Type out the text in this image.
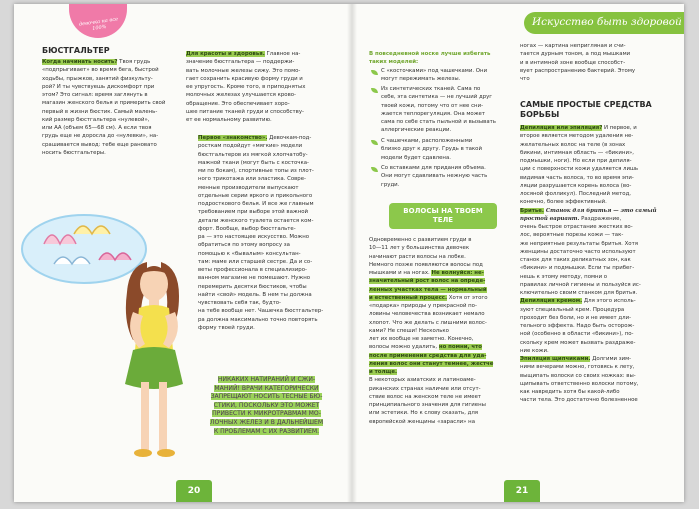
девочка на все 100%
БЮСТГАЛЬТЕР
Когда начинать носить? Твоя грудь
«подпрыгивает» во время бега, быстрой
ходьбы, прыжков, занятий физкульту-
рой? И ты чувствуешь дискомфорт при
этом? Это сигнал: время заглянуть в
магазин женского белья и примерить свой
первый в жизни бюстик. Самый малень-
кий размер бюстгальтера «нулевой»,
или АА (объем 65—68 см). А если твоя
грудь еще не доросла до «нулевки», на-
срашивается вывод: тебе еще рановато
носить бюстгальтеры.
Для красоты и здоровья. Главное на-
значение бюстгальтера — поддержи-
вать молочные железы сижу. Это помо-
гает сохранить красивую форму груди и
ее упругость. Кроме того, в приподнятых
молочных железах улучшается крово-
обращение. Это обеспечивает хоро-
шее питание тканей груди и способству-
ет ее нормальному развитию.
Первое «знакомство». Девочкам-под-
росткам подойдут «мягкие» модели
бюстгальтеров из мягкой хлопчатобу-
мажной ткани (могут быть с косточка-
ми по бокам), спортивные топы из плот-
ного трикотажа или эластика. Совре-
менные производители выпускают
отдельные серии яркого и прикольного
подросткового белья. И все же главным
требованием при выборе этой важной
детали женского туалета остается ком-
форт. Вообще, выбор бюстгальте-
ра — это настоящее искусство. Можно
обратиться по этому вопросу за
помощью к «бывалым» консультан-
там: маме или старшей сестре. Да и со-
веты профессионала в специализиро-
ванном магазине не помешают. Нужно
перемерить десятки бюстиков, чтобы
найти «свой» модель. В нем ты должна
чувствовать себя так, будто-
на тебе вообще нет. Чашечка бюстгальтер-
ра должна максимально точно повторять
форму твоей груди.
НИКАКИХ НАТИРАНИЙ И СЖИ-
МАНИЙ! ВРАЧИ КАТЕГОРИЧЕСКИ
ЗАПРЕЩАЮТ НОСИТЬ ТЕСНЫЕ БЮ-
СТИКИ, ПОСКОЛЬКУ ЭТО МОЖЕТ
ПРИВЕСТИ К МИКРОТРАВМАМ МО-
ЛОЧНЫХ ЖЕЛЕЗ И В ДАЛЬНЕЙШЕМ
К ПРОБЛЕМАМ С ИХ РАЗВИТИЕМ.
20
Искусство быть здоровой
В повседневной носке лучше избегать таких моделей:
С «косточками» под чашечками. Они
могут пережимать железы.
Из синтетических тканей. Сама по
себе, эта синтетика — не лучший друг
твоей кожи, потому что от нее сни-
жается теплорегуляция. Она может
сама по себе стать пыльной и вызывать
аллергические реакции.
С чашечками, расположенными
близко друг к другу. Грудь в такой
модели будет сдавлена.
Со вставками для придания объема.
Они могут сдавливать нежную часть
груди.
ВОЛОСЫ НА ТВОЕМ ТЕЛЕ
Одновременно с развитием груди в
10—11 лет у большинства девочек
начинают расти волосы на лобке.
Немного позже появляются волосы под
мышками и на ногах. Не волнуйся: не-
значительный рост волос на опреде-
ленных участках тела — нормальный
и естественный процесс. Хотя от этого
«подарка» природы у прекрасной по-
ловины человечества возникает немало
хлопот. Что же делать с лишними волос-
ками? Не спеши! Несколько
лет их вообще не заметно. Конечно,
волосы можно удалить, но помни, что
после применения средства для уда-
ления волос они станут темнее, жестче
и толще.
В некоторых азиатских и латиноаме-
риканских странах наличие или отсут-
ствие волос на женском теле не имеет
принципиального значения для гигиены
или эстетики. Но к слову сказать, для
европейской женщины «зарасли» на
ногах — картина непригляная и счи-
тается дурным тоном, а под мышками
и в интимной зоне вообще способст-
вует распространению бактерий. Этому
что
САМЫЕ ПРОСТЫЕ СРЕДСТВА БОРЬБЫ
Депиляция или эпиляция? И первое, и
второе является методом удаления не-
желательных волос на теле (в зонах
бикини, интимная область — «бикини»,
подмышки, ноги). Но если при депиля-
ции с поверхности кожи удаляется лишь
видимая часть волоса, то во время эпи-
ляции разрушается корень волоса (во-
лосяной фолликул). Последний метод,
конечно, более эффективный.
Бритье. Станок для бритья — это самый простой вариант. Раздражение,
очень быстрое отрастание жестких во-
лос, вероятные порезы кожи — так-
же неприятные результаты бритья. Хотя
женщины достаточно часто используют
станок для таких деликатных зон, как
«бикини» и подмышки. Если ты прибег-
нешь к этому методу, помни о
правилах личной гигиены и пользуйся ис-
ключительно своим станком для бритья.
Депиляция кремом. Для этого исполь-
зуют специальный крем. Процедура
проходит без боли, но и не имеет дли-
тельного эффекта. Надо быть осторож-
ной (особенно в области «бикини»), по-
скольку крем может вызвать раздраже-
ние кожи.
Эпиляция щипчиками. Долгими зим-
ними вечерами можно, готовясь к лету,
выщипать волоски со своих ножках: вы-
щипывать ответственно волоски потому,
как навредить хотя бы какой-либо
части тела. Это достаточно болезненное
21
